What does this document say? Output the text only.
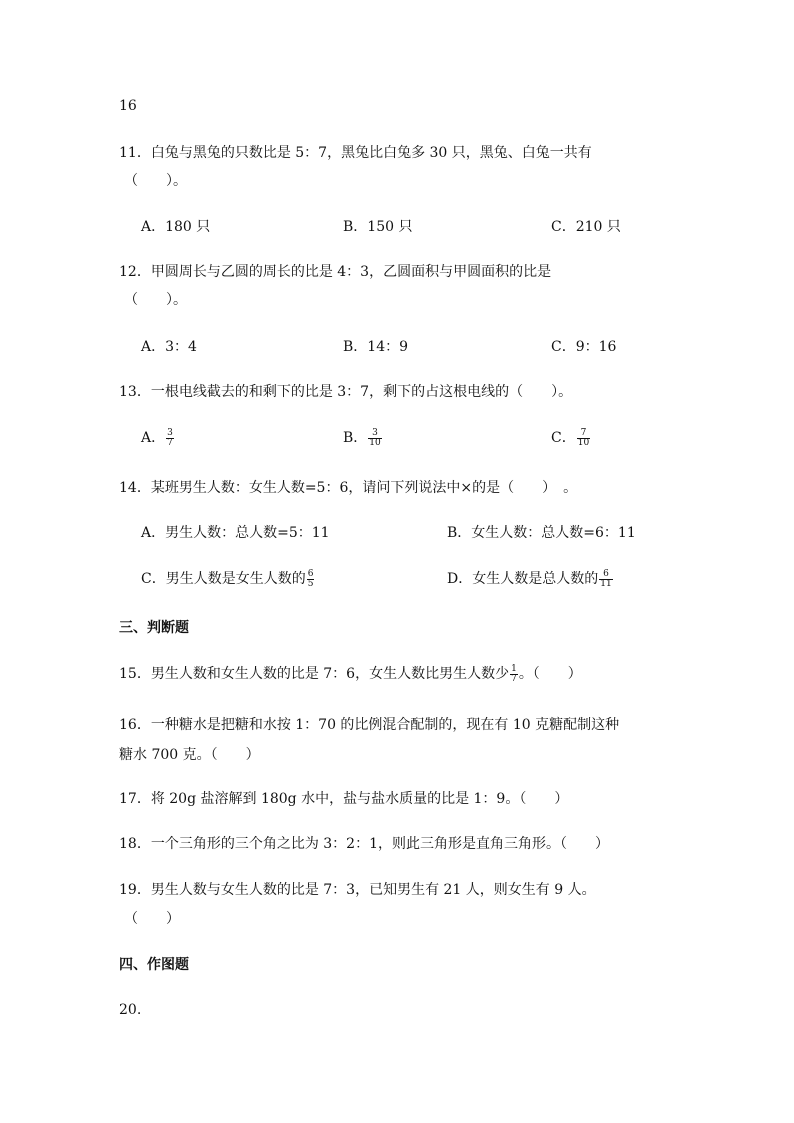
16
11．白兔与黑兔的只数比是 5：7，黑兔比白兔多 30 只，黑兔、白兔一共有
（　　）。
A．180 只	B．150 只	C．210 只
12．甲圆周长与乙圆的周长的比是 4：3，乙圆面积与甲圆面积的比是
（　　）。
A．3：4	B．14：9	C．9：16
13．一根电线截去的和剩下的比是 3：7，剩下的占这根电线的（　　）。
A． $\frac{3}{7}$	B． $\frac{3}{10}$	C． $\frac{7}{10}$
14．某班男生人数：女生人数=5：6，请问下列说法中×的是（　　）　。
A．男生人数：总人数=5：11	B．女生人数：总人数=6：11
C．男生人数是女生人数的 $\frac{6}{5}$	D．女生人数是总人数的 $\frac{6}{11}$
三、判断题
15．男生人数和女生人数的比是 7：6，女生人数比男生人数少 $\frac{1}{7}$ 。（　　）
16．一种糖水是把糖和水按 1：70 的比例混合配制的，现在有 10 克糖配制这种
糖水 700 克。（　　）
17．将 20g 盐溶解到 180g 水中，盐与盐水质量的比是 1：9。（　　）
18．一个三角形的三个角之比为 3：2：1，则此三角形是直角三角形。（　　）
19．男生人数与女生人数的比是 7：3，已知男生有 21 人，则女生有 9 人。
（　　）
四、作图题
20.
